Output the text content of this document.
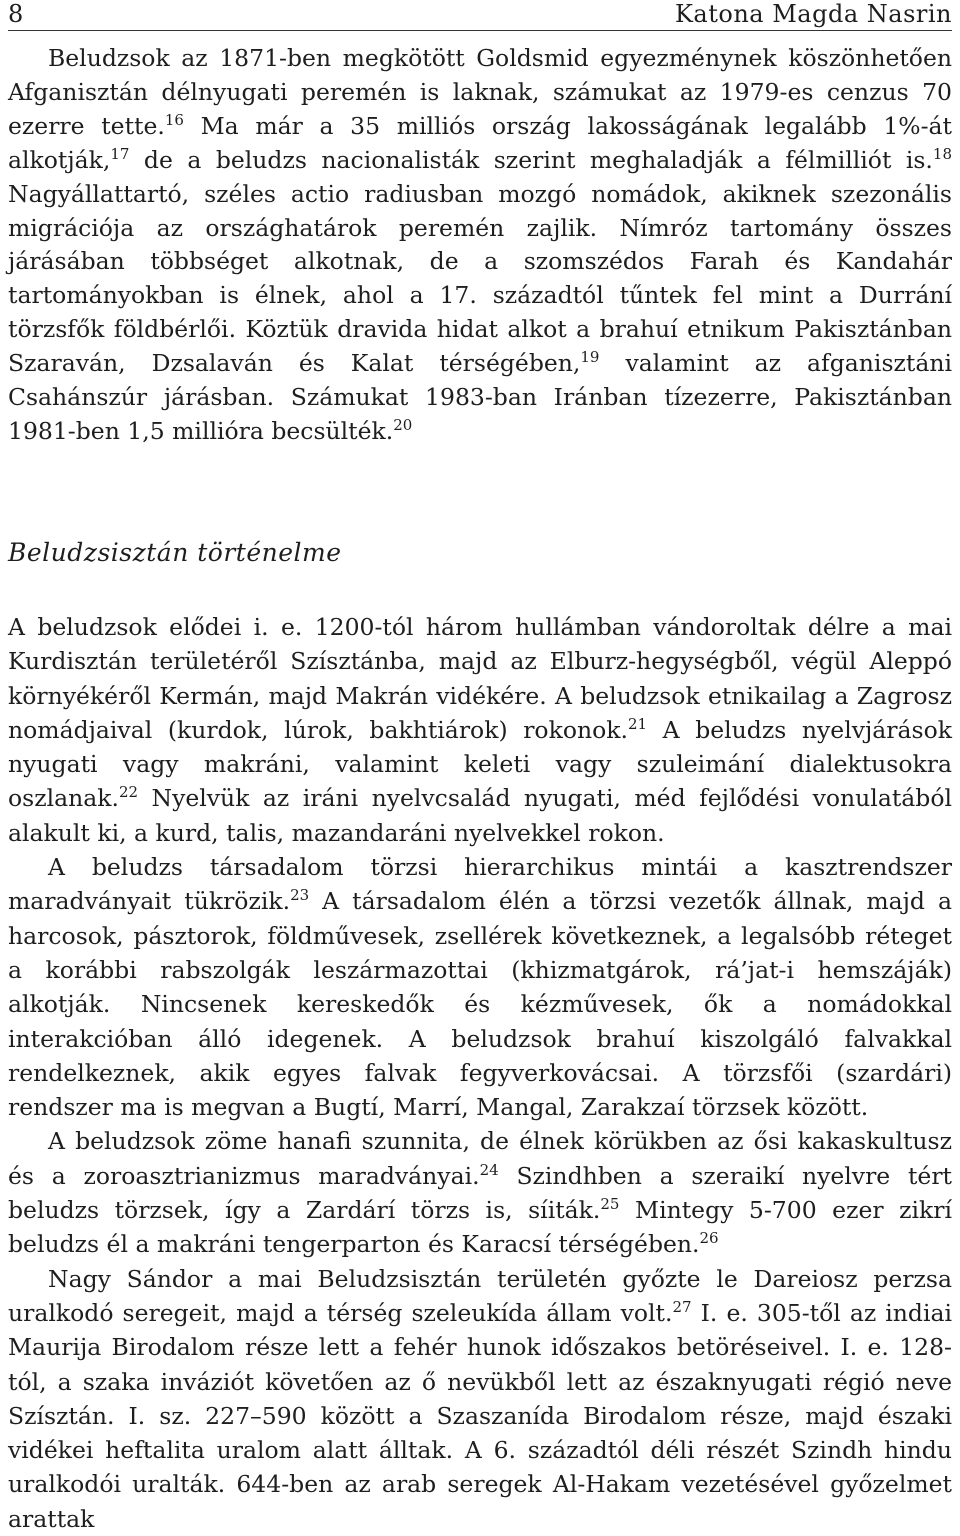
8	Katona Magda Nasrin

Beludzsok az 1871-ben megkötött Goldsmid egyezménynek köszönhetően Afganisztán délnyugati peremén is laknak, számukat az 1979-es cenzus 70 ezerre tette.$^{16}$ Ma már a 35 milliós ország lakosságának legalább 1%-át alkotják,$^{17}$ de a beludzs nacionalisták szerint meghaladják a félmilliót is.$^{18}$ Nagyállattartó, széles actio radiusban mozgó nomádok, akiknek szezonális migrációja az országhatárok peremén zajlik. Nímróz tartomány összes járásában többséget alkotnak, de a szomszédos Farah és Kandahár tartományokban is élnek, ahol a 17. századtól tűntek fel mint a Durrání törzsfők földbérlői. Köztük dravida hidat alkot a brahuí etnikum Pakisztánban Szaraván, Dzsalaván és Kalat térségében,$^{19}$ valamint az afganisztáni Csahánszúr járásban. Számukat 1983-ban Iránban tízezerre, Pakisztánban 1981-ben 1,5 millióra becsülték.$^{20}$

Beludzsisztán történelme

A beludzsok elődei i. e. 1200-tól három hullámban vándoroltak délre a mai Kurdisztán területéről Szísztánba, majd az Elburz-hegységből, végül Aleppó környékéről Kermán, majd Makrán vidékére. A beludzsok etnikailag a Zagrosz nomádjaival (kurdok, lúrok, bakhtiárok) rokonok.$^{21}$ A beludzs nyelvjárások nyugati vagy makráni, valamint keleti vagy szuleimání dialektusokra oszlanak.$^{22}$ Nyelvük az iráni nyelvcsalád nyugati, méd fejlődési vonulatából alakult ki, a kurd, talis, mazandaráni nyelvekkel rokon.

A beludzs társadalom törzsi hierarchikus mintái a kasztrendszer maradványait tükrözik.$^{23}$ A társadalom élén a törzsi vezetők állnak, majd a harcosok, pásztorok, földművesek, zsellérek következnek, a legalsóbb réteget a korábbi rabszolgák leszármazottai (khizmatgárok, rá’jat-i hemszáják) alkotják. Nincsenek kereskedők és kézművesek, ők a nomádokkal interakcióban álló idegenek. A beludzsok brahuí kiszolgáló falvakkal rendelkeznek, akik egyes falvak fegyverkovácsai. A törzsfői (szardári) rendszer ma is megvan a Bugtí, Marrí, Mangal, Zarakzaí törzsek között.

A beludzsok zöme hanafi szunnita, de élnek körükben az ősi kakaskultusz és a zoroasztrianizmus maradványai.$^{24}$ Szindhben a szeraikí nyelvre tért beludzs törzsek, így a Zardárí törzs is, síiták.$^{25}$ Mintegy 5-700 ezer zikrí beludzs él a makráni tengerparton és Karacsí térségében.$^{26}$

Nagy Sándor a mai Beludzsisztán területén győzte le Dareiosz perzsa uralkodó seregeit, majd a térség szeleukída állam volt.$^{27}$ I. e. 305-től az indiai Maurija Birodalom része lett a fehér hunok időszakos betöréseivel. I. e. 128-tól, a szaka inváziót követően az ő nevükből lett az északnyugati régió neve Szísztán. I. sz. 227–590 között a Szaszanída Birodalom része, majd északi vidékei heftalita uralom alatt álltak. A 6. századtól déli részét Szindh hindu uralkodói uralták. 644-ben az arab seregek Al-Hakam vezetésével győzelmet arattak
